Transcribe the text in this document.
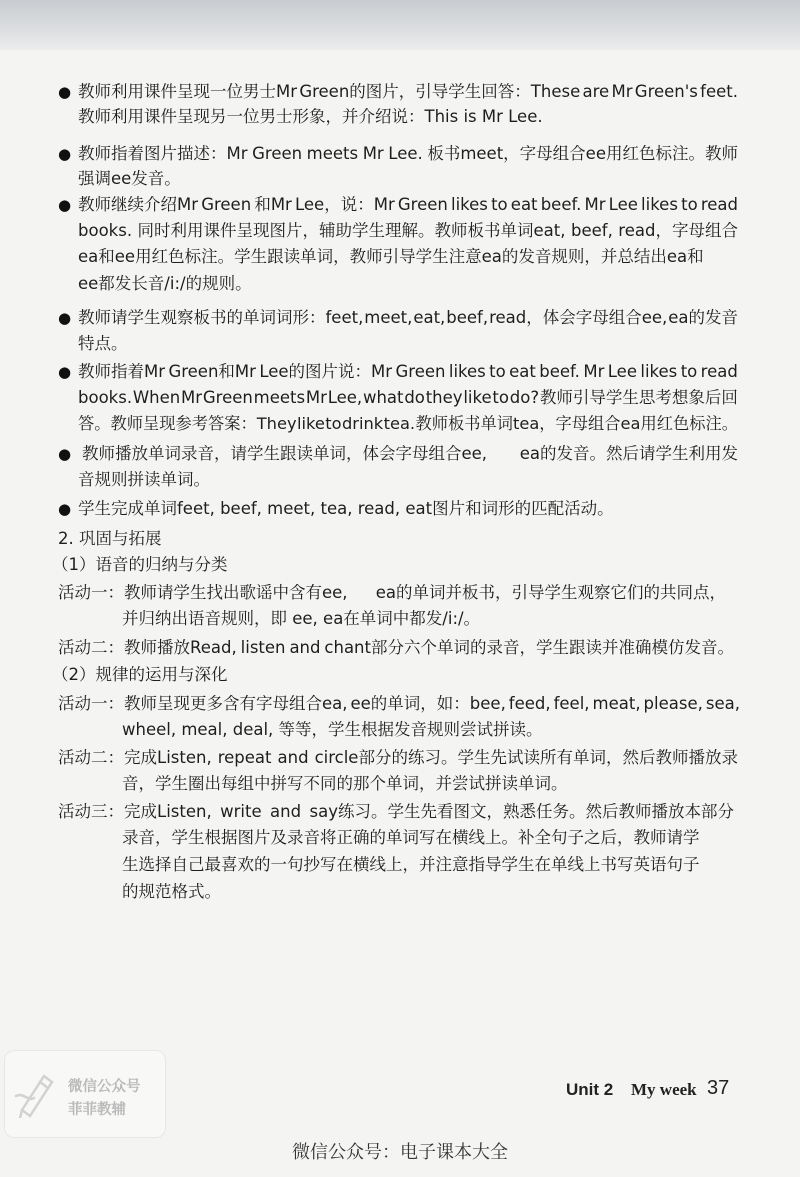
● 教师利用课件呈现一位男士Mr Green的图片，引导学生回答：These are Mr Green's feet.
教师利用课件呈现另一位男士形象，并介绍说：This is Mr Lee.
● 教师指着图片描述：Mr Green meets Mr Lee. 板书meet，字母组合ee用红色标注。教师
强调ee发音。
● 教师继续介绍Mr Green 和Mr Lee，说：Mr Green likes to eat beef. Mr Lee likes to read
books. 同时利用课件呈现图片，辅助学生理解。教师板书单词eat, beef, read，字母组合
ea和ee用红色标注。学生跟读单词，教师引导学生注意ea的发音规则，并总结出ea和
ee都发长音/i:/的规则。
● 教师请学生观察板书的单词词形：feet, meet, eat, beef, read，体会字母组合ee, ea的发音
特点。
● 教师指着Mr Green和Mr Lee的图片说：Mr Green likes to eat beef. Mr Lee likes to read
books. When Mr Green meets Mr Lee, what do they like to do? 教师引导学生思考想象后回
答。教师呈现参考答案：They like to drink tea. 教师板书单词tea，字母组合ea用红色标注。
● 教师播放单词录音，请学生跟读单词，体会字母组合ee, ea的发音。然后请学生利用发
音规则拼读单词。
● 学生完成单词feet, beef, meet, tea, read, eat图片和词形的匹配活动。
2. 巩固与拓展
（1）语音的归纳与分类
活动一：教师请学生找出歌谣中含有ee, ea的单词并板书，引导学生观察它们的共同点，
并归纳出语音规则，即 ee, ea在单词中都发/i:/。
活动二：教师播放Read, listen and chant部分六个单词的录音，学生跟读并准确模仿发音。
（2）规律的运用与深化
活动一：教师呈现更多含有字母组合ea, ee的单词，如：bee, feed, feel, meat, please, sea,
wheel, meal, deal, 等等，学生根据发音规则尝试拼读。
活动二：完成Listen, repeat and circle部分的练习。学生先试读所有单词，然后教师播放录
音，学生圈出每组中拼写不同的那个单词，并尝试拼读单词。
活动三：完成Listen, write and say练习。学生先看图文，熟悉任务。然后教师播放本部分
录音，学生根据图片及录音将正确的单词写在横线上。补全句子之后，教师请学
生选择自己最喜欢的一句抄写在横线上，并注意指导学生在单线上书写英语句子
的规范格式。
Unit 2 My week 37
微信公众号
菲菲教辅
微信公众号：电子课本大全
